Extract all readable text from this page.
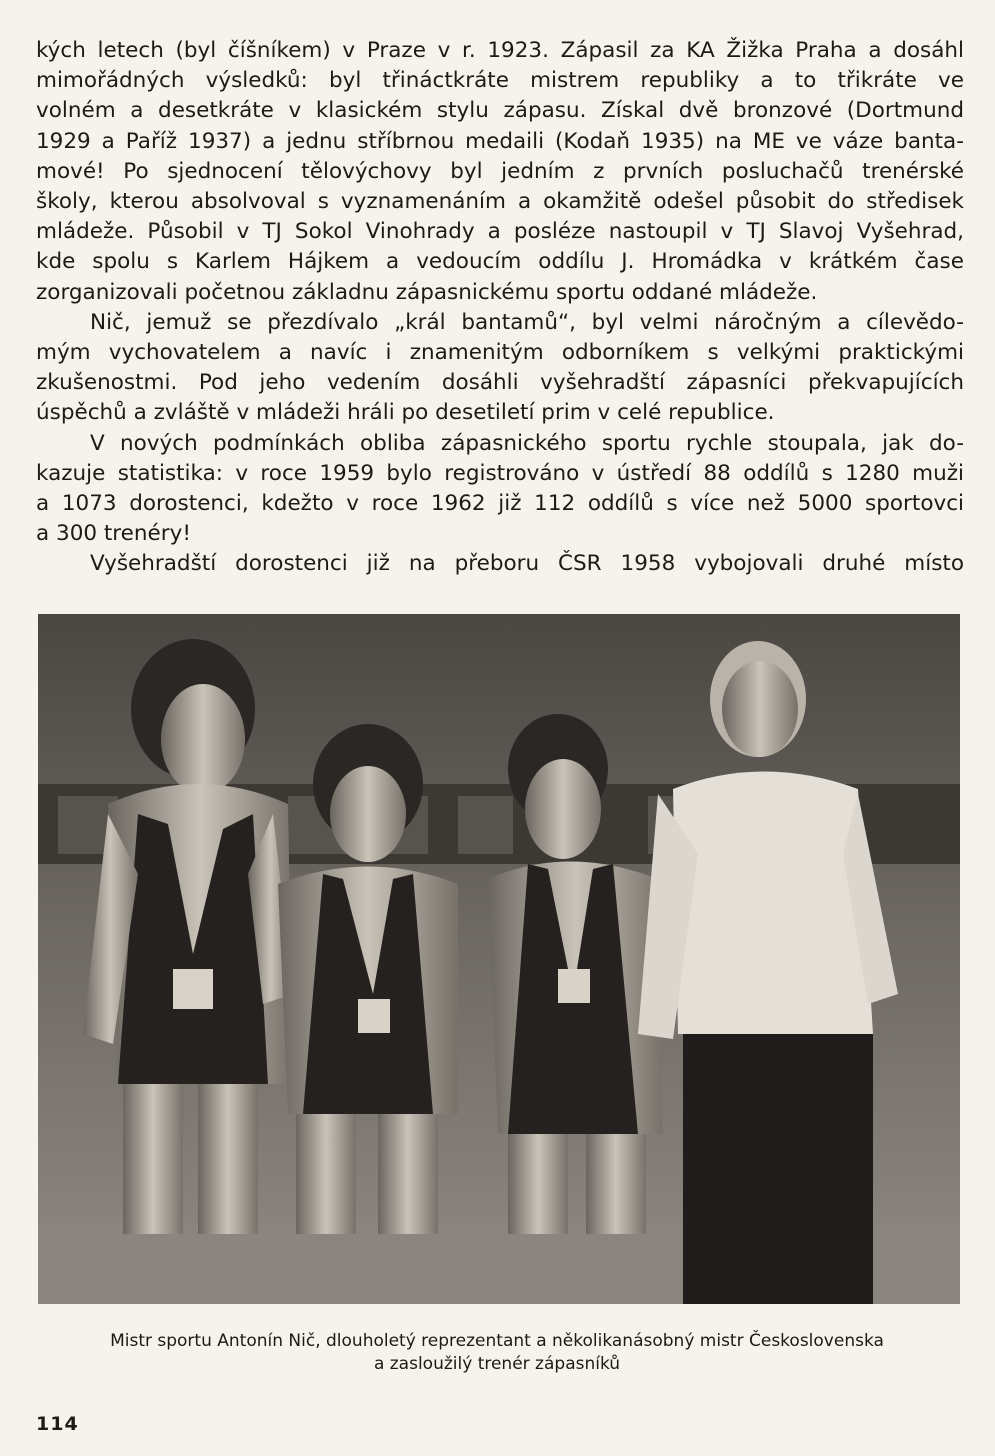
kých letech (byl číšníkem) v Praze v r. 1923. Zápasil za KA Žižka Praha a dosáhl

mimořádných výsledků: byl třináctkráte mistrem republiky a to třikráte ve

volném a desetkráte v klasickém stylu zápasu. Získal dvě bronzové (Dortmund

1929 a Paříž 1937) a jednu stříbrnou medaili (Kodaň 1935) na ME ve váze banta-

mové! Po sjednocení tělovýchovy byl jedním z prvních posluchačů trenérské

školy, kterou absolvoval s vyznamenáním a okamžitě odešel působit do středisek

mládeže. Působil v TJ Sokol Vinohrady a posléze nastoupil v TJ Slavoj Vyšehrad,

kde spolu s Karlem Hájkem a vedoucím oddílu J. Hromádka v krátkém čase

zorganizovali početnou základnu zápasnickému sportu oddané mládeže.

Nič, jemuž se přezdívalo „král bantamů“, byl velmi náročným a cílevědo-

mým vychovatelem a navíc i znamenitým odborníkem s velkými praktickými

zkušenostmi. Pod jeho vedením dosáhli vyšehradští zápasníci překvapujících

úspěchů a zvláště v mládeži hráli po desetiletí prim v celé republice.

V nových podmínkách obliba zápasnického sportu rychle stoupala, jak do-

kazuje statistika: v roce 1959 bylo registrováno v ústředí 88 oddílů s 1280 muži

a 1073 dorostenci, kdežto v roce 1962 již 112 oddílů s více než 5000 sportovci

a 300 trenéry!

Vyšehradští dorostenci již na přeboru ČSR 1958 vybojovali druhé místo

Mistr sportu Antonín Nič, dlouholetý reprezentant a několikanásobný mistr Československa
a zasloužilý trenér zápasníků
114
